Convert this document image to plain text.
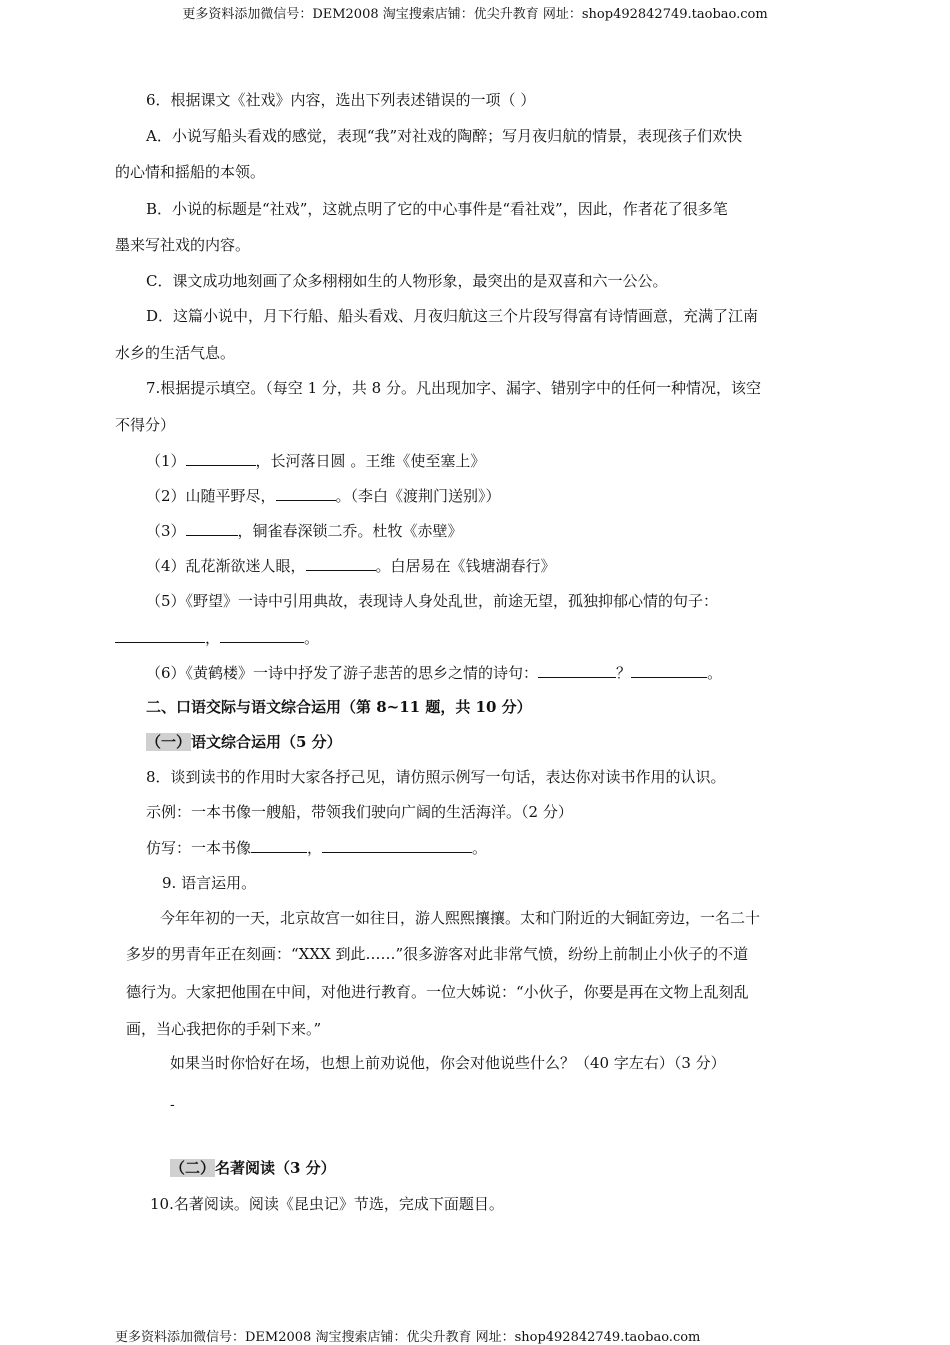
更多资料添加微信号：DEM2008 淘宝搜索店铺：优尖升教育 网址：shop492842749.taobao.com
6．根据课文《社戏》内容，选出下列表述错误的一项（ ）
A．小说写船头看戏的感觉，表现“我”对社戏的陶醉；写月夜归航的情景，表现孩子们欢快
的心情和摇船的本领。
B．小说的标题是“社戏”，这就点明了它的中心事件是“看社戏”，因此，作者花了很多笔
墨来写社戏的内容。
C．课文成功地刻画了众多栩栩如生的人物形象，最突出的是双喜和六一公公。
D．这篇小说中，月下行船、船头看戏、月夜归航这三个片段写得富有诗情画意，充满了江南
水乡的生活气息。
7.根据提示填空。（每空 1 分，共 8 分。凡出现加字、漏字、错别字中的任何一种情况，该空
不得分）
（1）	，长河落日圆 。王维《使至塞上》
（2）山随平野尽，	。（李白《渡荆门送别》）
（3）	，铜雀春深锁二乔。杜牧《赤壁》
（4）乱花渐欲迷人眼，	。白居易在《钱塘湖春行》
（5）《野望》一诗中引用典故，表现诗人身处乱世，前途无望，孤独抑郁心情的句子：
，	。
（6）《黄鹤楼》一诗中抒发了游子悲苦的思乡之情的诗句：	？	。
二、口语交际与语文综合运用（第 8~11 题，共 10 分）
（一）语文综合运用（5 分）
8．谈到读书的作用时大家各抒己见，请仿照示例写一句话，表达你对读书作用的认识。
示例：一本书像一艘船，带领我们驶向广阔的生活海洋。（2 分）
仿写：一本书像	，	。
9. 语言运用。
今年年初的一天，北京故宫一如往日，游人熙熙攘攘。太和门附近的大铜缸旁边，一名二十
多岁的男青年正在刻画：“XXX 到此……”很多游客对此非常气愤，纷纷上前制止小伙子的不道
德行为。大家把他围在中间，对他进行教育。一位大姊说：“小伙子，你要是再在文物上乱刻乱
画，当心我把你的手剁下来。”
如果当时你恰好在场，也想上前劝说他，你会对他说些什么？（40 字左右）（3 分）
-
（二）名著阅读（3 分）
10.名著阅读。阅读《昆虫记》节选，完成下面题目。
更多资料添加微信号：DEM2008 淘宝搜索店铺：优尖升教育 网址：shop492842749.taobao.com
